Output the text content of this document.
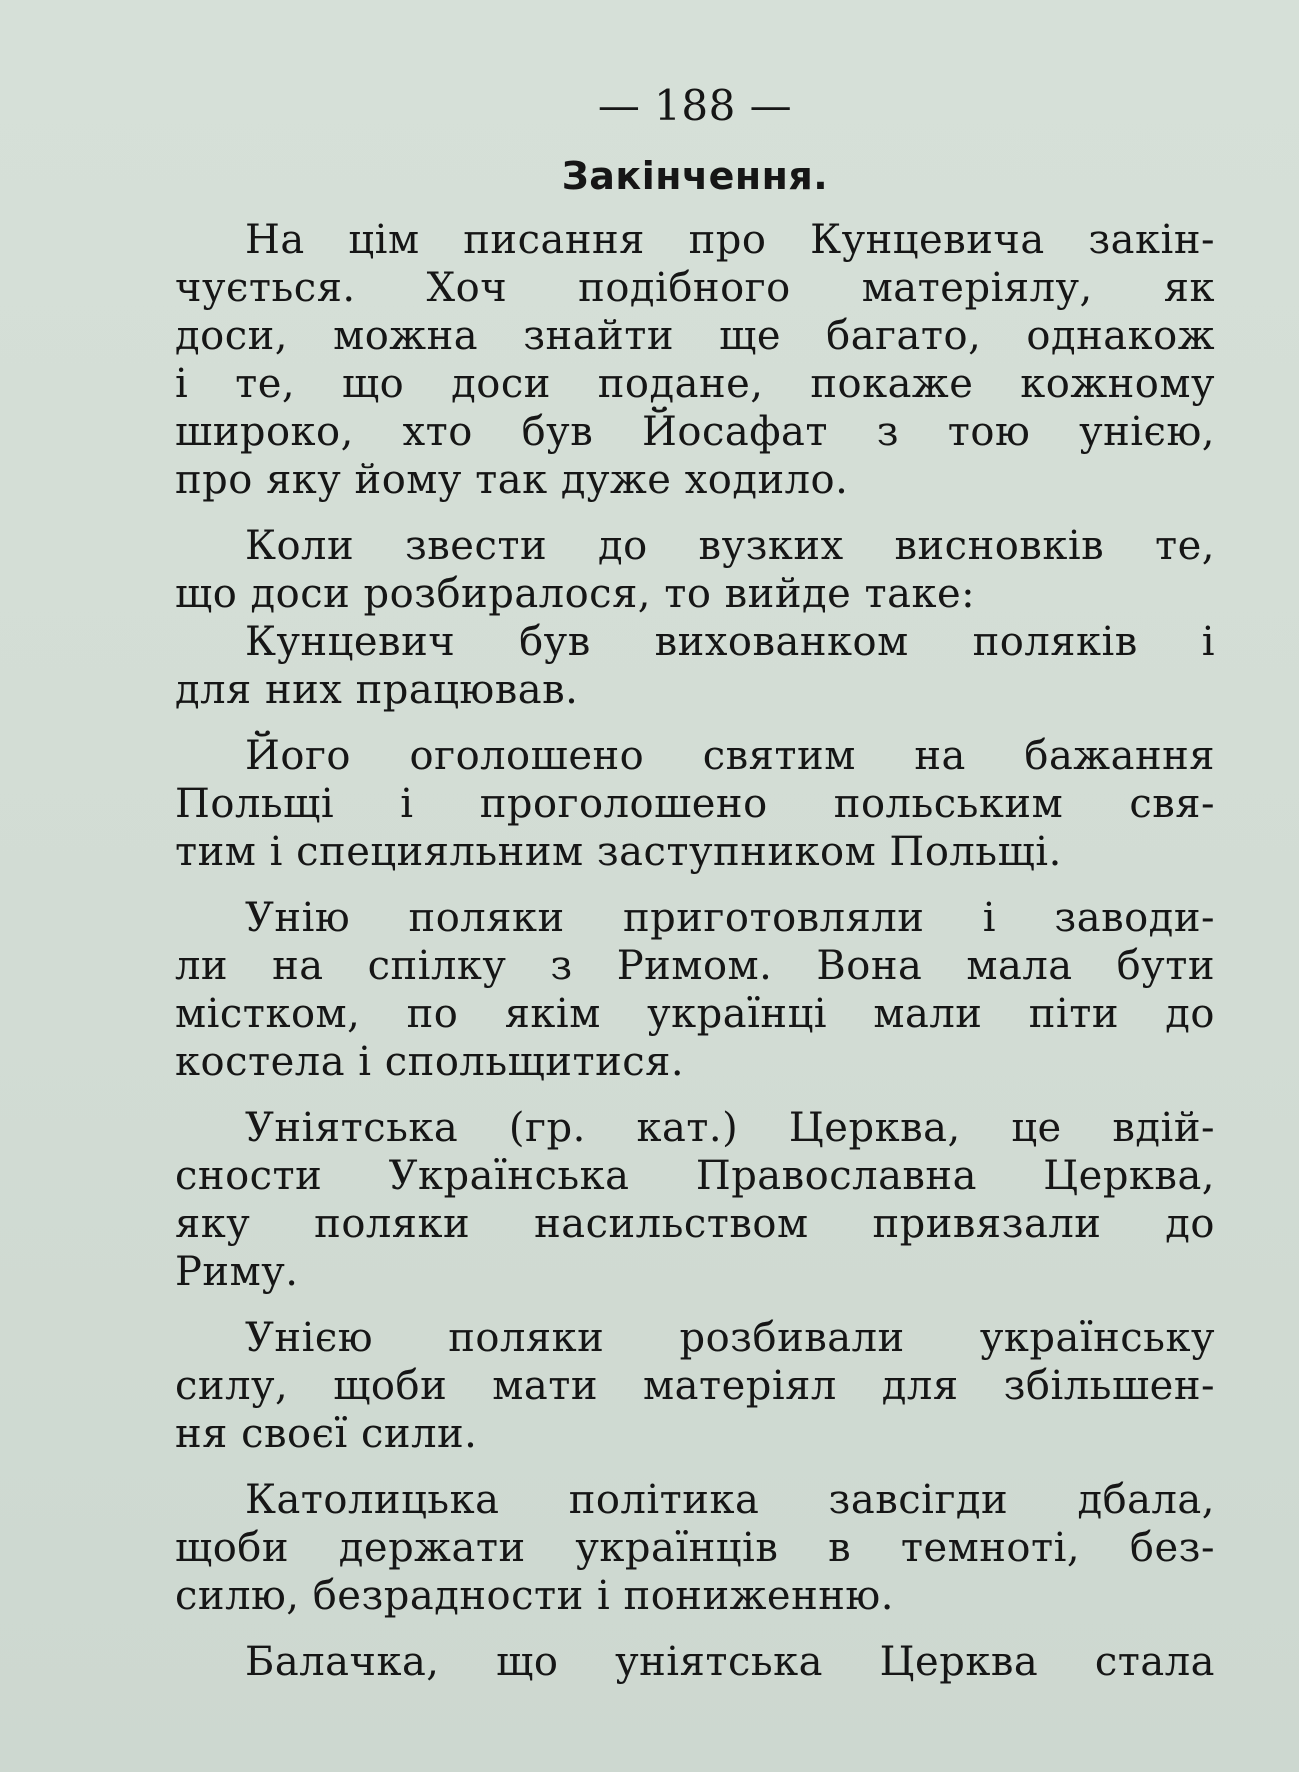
— 188 —
Закінчення.
На цім писання про Кунцевича закін-
чується. Хоч подібного матеріялу, як
доси, можна знайти ще багато, однакож
і те, що доси подане, покаже кожному
широко, хто був Йосафат з тою унією,
про яку йому так дуже ходило.
Коли звести до вузких висновків те,
що доси розбиралося, то вийде таке:
Кунцевич був вихованком поляків і
для них працював.
Його оголошено святим на бажання
Польщі і проголошено польським свя-
тим і специяльним заступником Польщі.
Унію поляки приготовляли і заводи-
ли на спілку з Римом. Вона мала бути
містком, по якім українці мали піти до
костела і спольщитися.
Уніятська (гр. кат.) Церква, це вдій-
сности Українська Православна Церква,
яку поляки насильством привязали до
Риму.
Унією поляки розбивали українську
силу, щоби мати матеріял для збільшен-
ня своєї сили.
Католицька політика завсігди дбала,
щоби держати українців в темноті, без-
силю, безрадности і пониженню.
Балачка, що уніятська Церква стала
